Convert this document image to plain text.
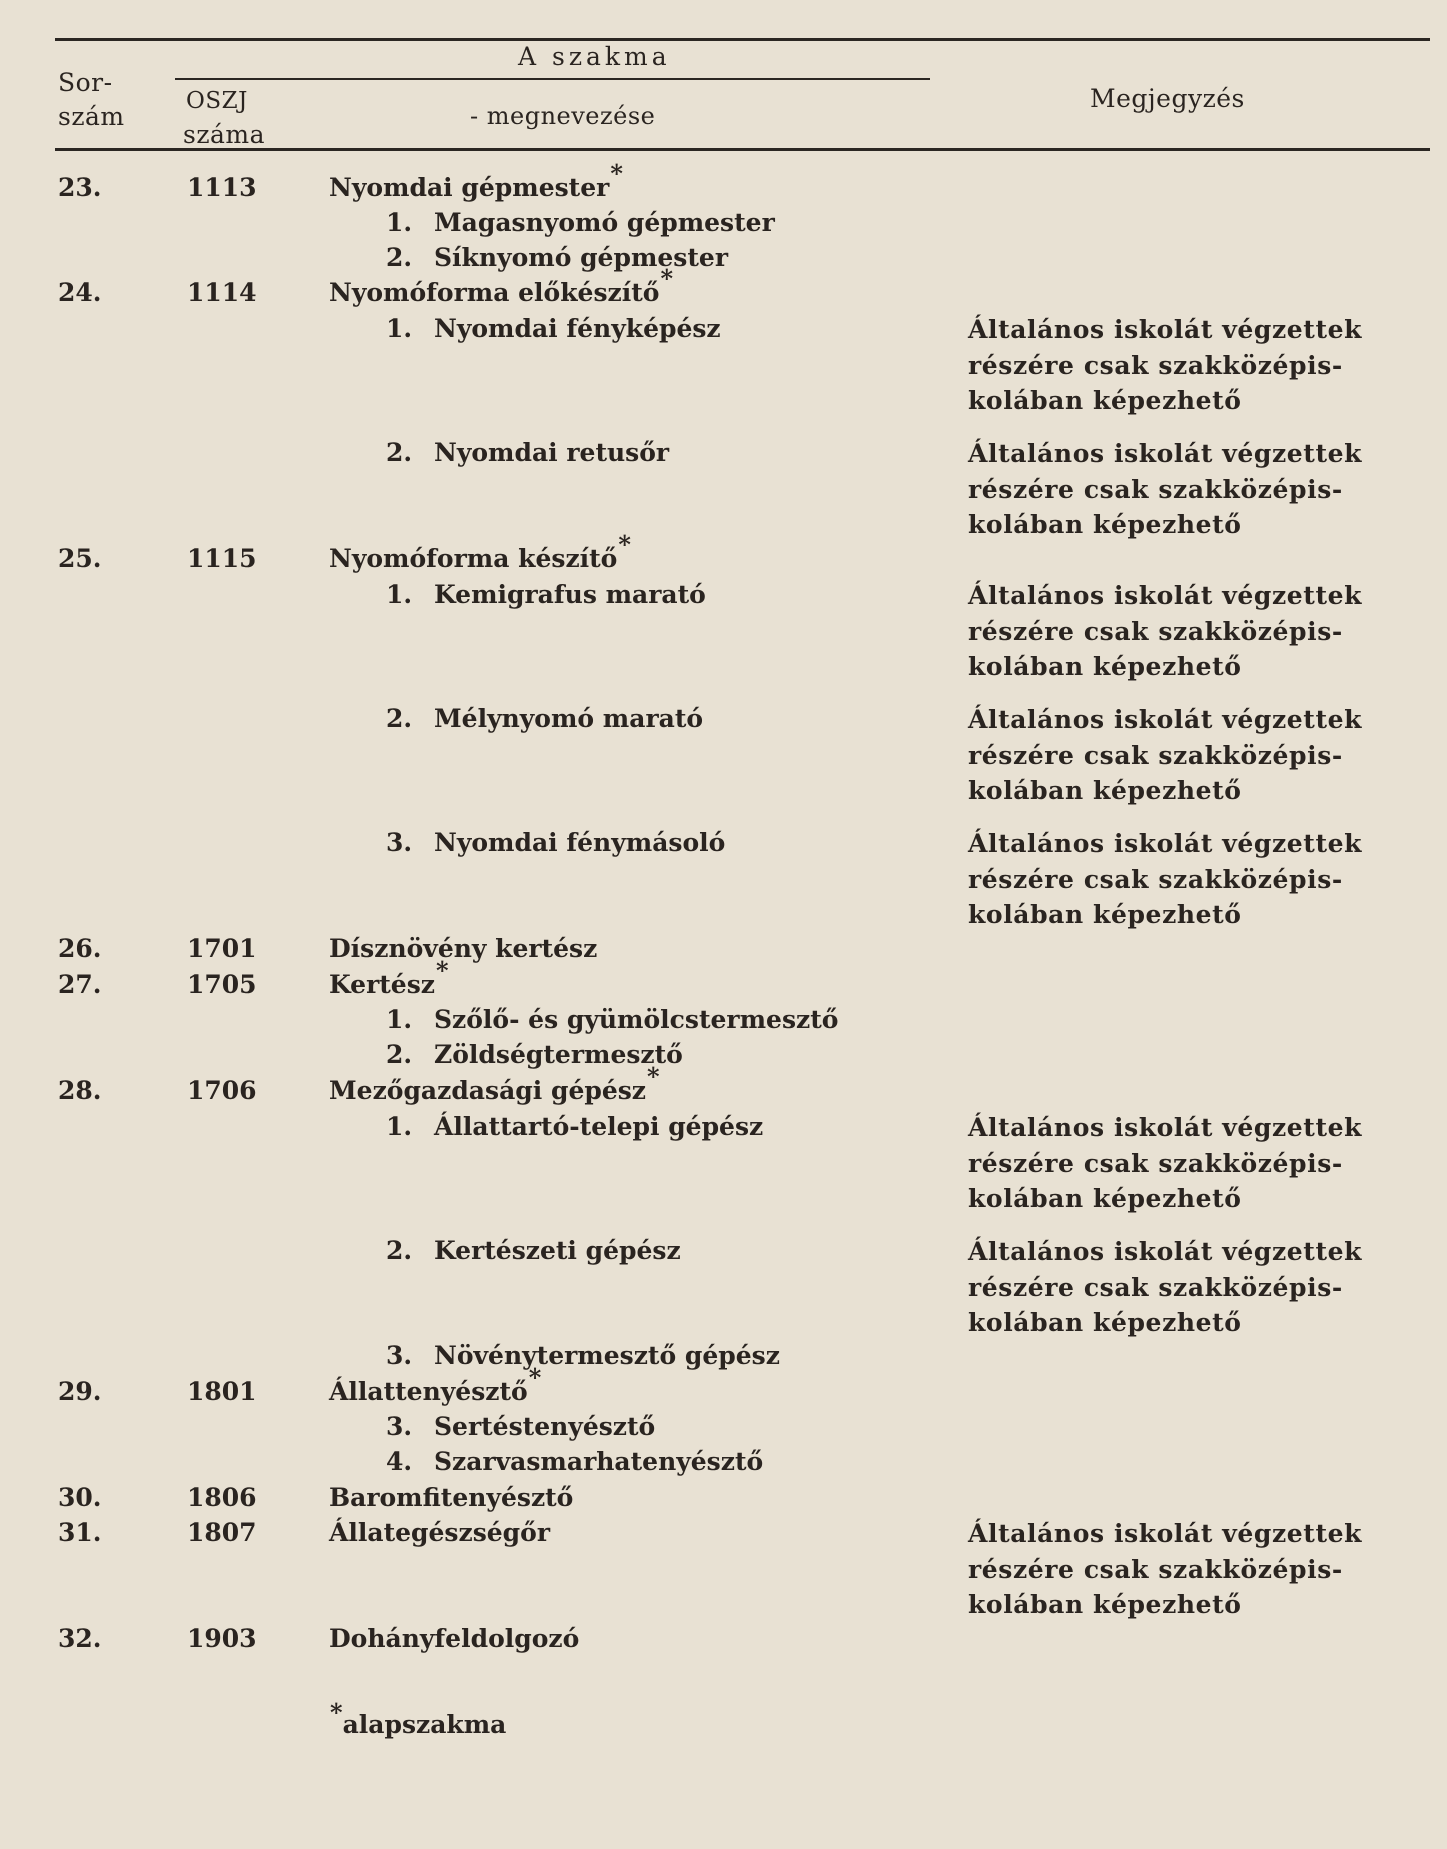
Sor-
szám
A szakma
OSZJ
száma
- megnevezése
Megjegyzés
23.	1113	Nyomdai gépmester*
1. Magasnyomó gépmester
2. Síknyomó gépmester
24.	1114	Nyomóforma előkészítő*
1. Nyomdai fényképész	Általános iskolát végzettek
részére csak szakközépis-
kolában képezhető
2. Nyomdai retusőr	Általános iskolát végzettek
részére csak szakközépis-
kolában képezhető
25.	1115	Nyomóforma készítő*
1. Kemigrafus marató	Általános iskolát végzettek
részére csak szakközépis-
kolában képezhető
2. Mélynyomó marató	Általános iskolát végzettek
részére csak szakközépis-
kolában képezhető
3. Nyomdai fénymásoló	Általános iskolát végzettek
részére csak szakközépis-
kolában képezhető
26.	1701	Dísznövény kertész
27.	1705	Kertész*
1. Szőlő- és gyümölcstermesztő
2. Zöldségtermesztő
28.	1706	Mezőgazdasági gépész*
1. Állattartó-telepi gépész	Általános iskolát végzettek
részére csak szakközépis-
kolában képezhető
2. Kertészeti gépész	Általános iskolát végzettek
részére csak szakközépis-
kolában képezhető
3. Növénytermesztő gépész
29.	1801	Állattenyésztő*
3. Sertéstenyésztő
4. Szarvasmarhatenyésztő
30.	1806	Baromfitenyésztő
31.	1807	Állategészségőr	Általános iskolát végzettek
részére csak szakközépis-
kolában képezhető
32.	1903	Dohányfeldolgozó
*alapszakma
